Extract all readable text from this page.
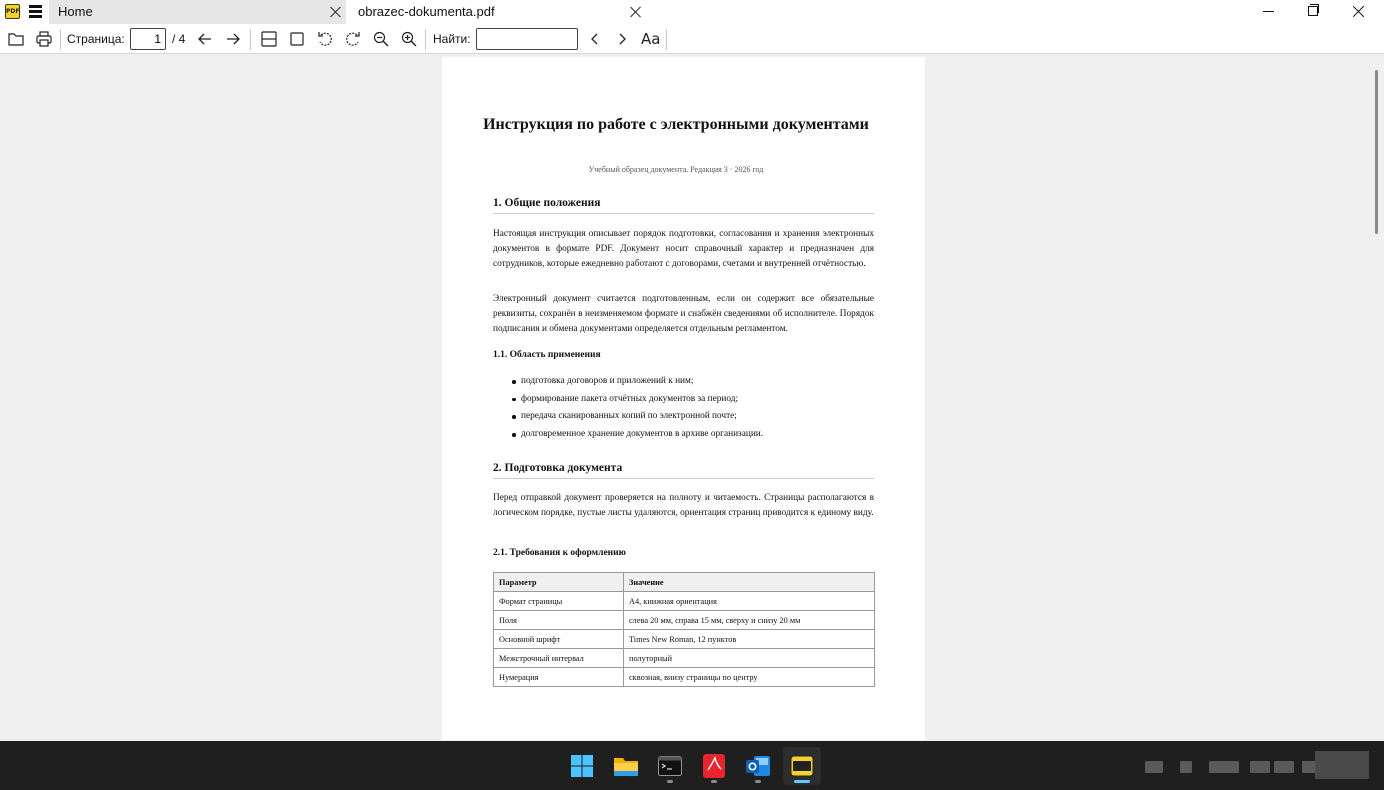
PDF	Home	obrazec-dokumenta.pdf
Страница:
1	/ 4	Найти:	Aa
Инструкция по работе с электронными документами
Учебный образец документа. Редакция 3 · 2026 год
1. Общие положения
Настоящая инструкция описывает порядок подготовки, согласования и хранения электронных документов в формате PDF. Документ носит справочный характер и предназначен для сотрудников, которые ежедневно работают с договорами, счетами и внутренней отчётностью.
Электронный документ считается подготовленным, если он содержит все обязательные реквизиты, сохранён в неизменяемом формате и снабжён сведениями об исполнителе. Порядок подписания и обмена документами определяется отдельным регламентом.
1.1. Область применения
подготовка договоров и приложений к ним;
формирование пакета отчётных документов за период;
передача сканированных копий по электронной почте;
долговременное хранение документов в архиве организации.
2. Подготовка документа
Перед отправкой документ проверяется на полноту и читаемость. Страницы располагаются в логическом порядке, пустые листы удаляются, ориентация страниц приводится к единому виду.
2.1. Требования к оформлению
Параметр	Значение
Формат страницы	A4, книжная ориентация
Поля	слева 20 мм, справа 15 мм, сверху и снизу 20 мм
Основной шрифт	Times New Roman, 12 пунктов
Межстрочный интервал	полуторный
Нумерация	сквозная, внизу страницы по центру
